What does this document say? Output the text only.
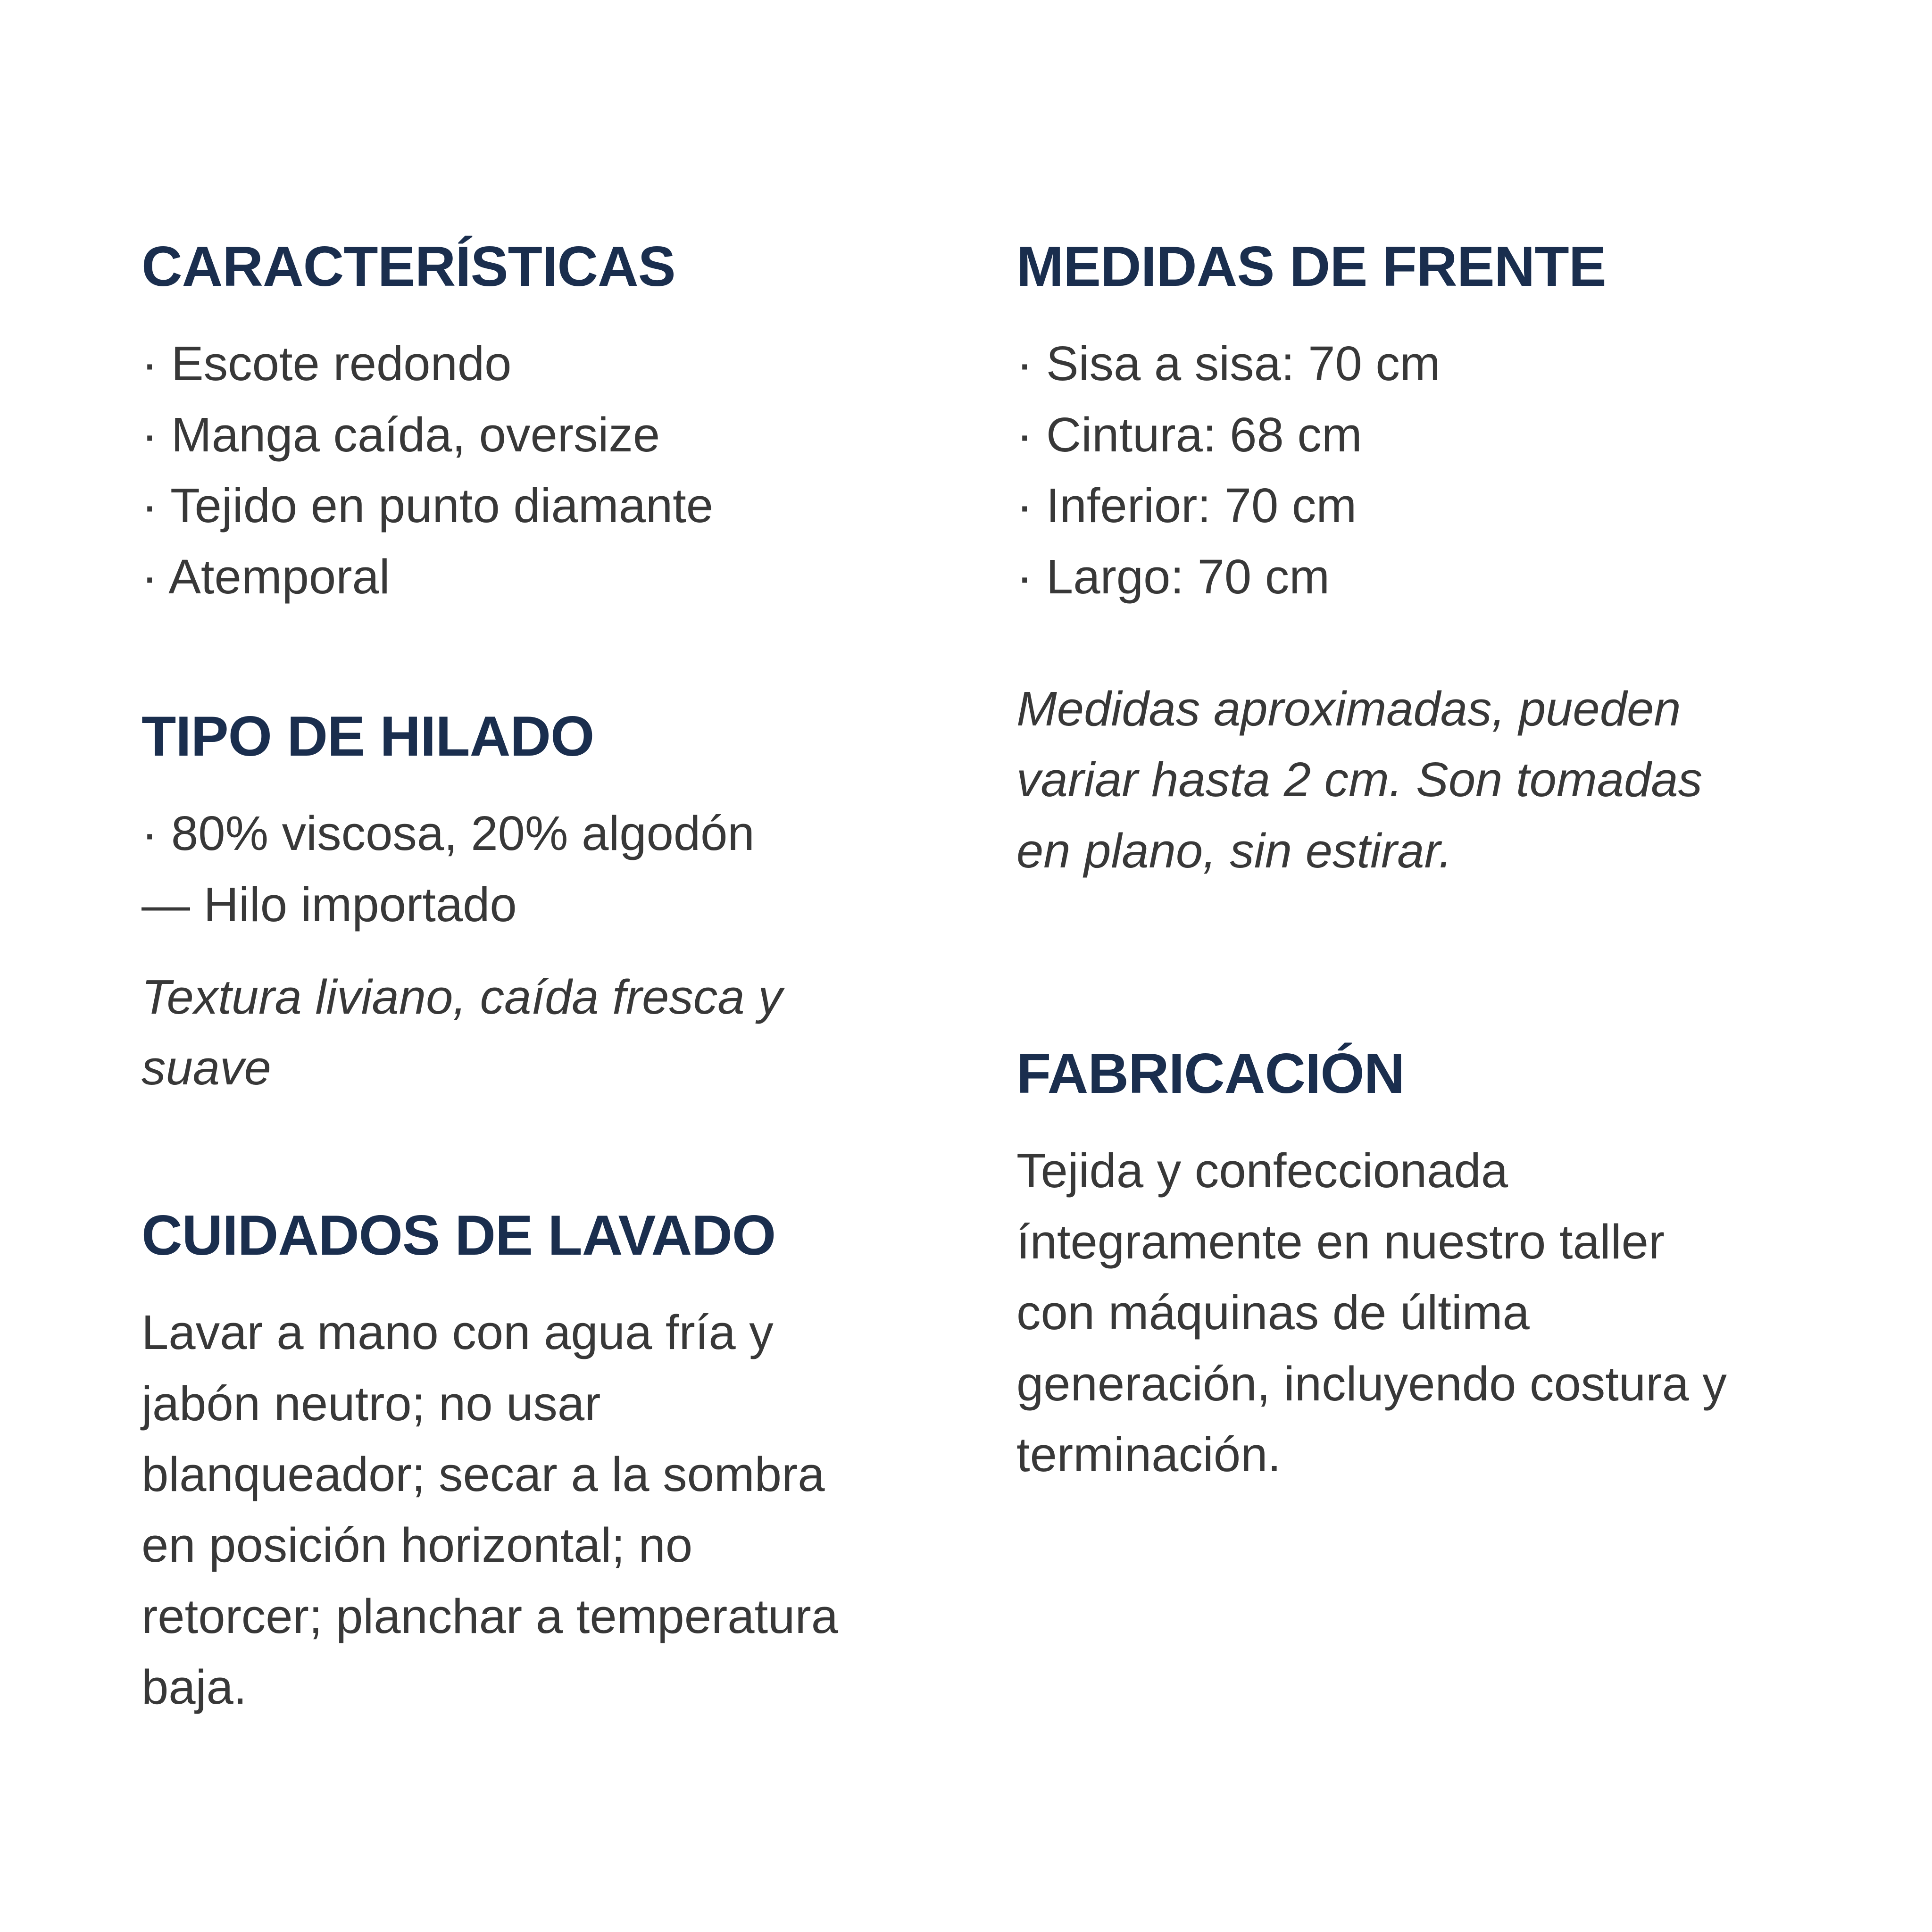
CARACTERÍSTICAS
· Escote redondo
· Manga caída, oversize
· Tejido en punto diamante
· Atemporal
TIPO DE HILADO
· 80% viscosa, 20% algodón
— Hilo importado

Textura liviano, caída fresca y suave

CUIDADOS DE LAVADO

Lavar a mano con agua fría y jabón neutro; no usar blanqueador; secar a la sombra en posición horizontal; no retorcer; planchar a temperatura baja.

MEDIDAS DE FRENTE
· Sisa a sisa: 70 cm
· Cintura: 68 cm
· Inferior: 70 cm
· Largo: 70 cm

Medidas aproximadas, pueden variar hasta 2 cm. Son tomadas en plano, sin estirar.

FABRICACIÓN

Tejida y confeccionada íntegramente en nuestro taller con máquinas de última generación, incluyendo costura y terminación.
